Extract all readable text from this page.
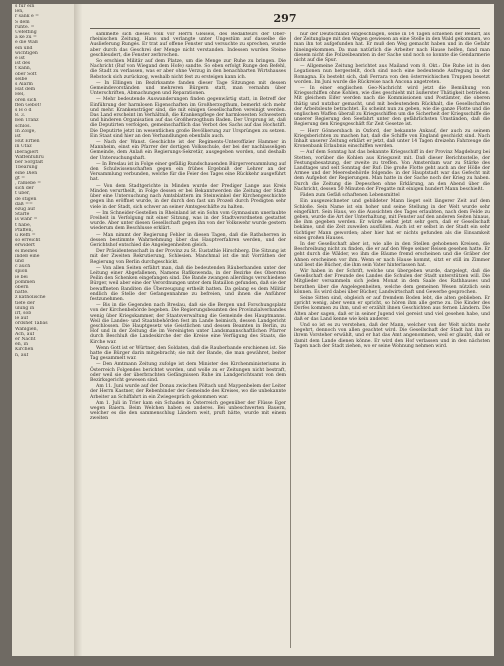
s für ein
len,
r sank e =
S dem
ruhte. =
Uefeffing
a ke zu =
e die Waß
ein und
wichtigen
e ist
ist des
t kann,
ober Soft
selbe
s Alarm
Hat dem
Hel,
oren sich
ffen Gebot!
s H o d
8. 3.
ßen Tranz
schlos.
In Zolge,
ist
Hut Erfien
in Ufaz
iberagiert
Waffenführu
ber Sorgfalt
Tbearung
eine Dien
gt =
, raßiebe =
sich der
t über,
de stigen
daß ==
ezug auf
Stärfe
is wahr =
t habe,
Pfaffen,
u Reffi =
so erreicht
erwidert
ei meines
indeß eine
und
c auch
spion
ie bei
pommen
obern
hatte.
z katholische
tiefe der
ulung in
irf, sob
le auf
ordshef Tabas
Wahlgien,
Ach, auf
er Nacht
en, in
Kirchen
n, auf
297

sammelte sich dieses Volk vor Herrn Gleiseis, des Redakteurs der Ober-rheinischen Zeitung, Hans und verlangte unter Ungestüm auf dasselbe die Auslieferung Rungés. Er trat auf offene Fenster und versuchte zu sprechen, wurde aber durch das Geschrei der Menge nicht verstanden. Indessen wurden Steine geschleudert, die Fenster zerbrochen.

So erschien Militär auf dem Platze, um die Menge zur Ruhe zu bringen. Die Nachricht (Ruf von Wiegand dem Hofe) sandte. So eben erfolgt Runge den Befehl, die Stadt zu verlassen, was er aber ohne Verzug in den benachbarten Wirtshauses Rebstock sich zurückzog, weshalb nicht fest zu ersteigen kann ich.

— In Ellingen im Bezirksamte fanden dieser Tage Sitzungen mit dessen Gemeindevorständen und mehreren Bürgern statt, man vernahm über Unterschriften, Abmachungen und Reparationen.

— Mehr bedeutende Auswanderungen finden gegenwärtig statt, in Betreff der Einführung der harmlosen Eigenschaften im Großherzogthum, bemerkt sich mehr und mehr. Krankensträger sind, die mit einigen Gesellschaften vereinigt werden. Das Land erscheint im Verhältniß, die Krankenpflege der harmlosesten Schwestern und hinderen Organisation auf das Großherzogthum Baden. Der Ursprung ist, daß die Deputirten verfolgen, gemeinschaftlich das Verbot des Sachs auf das Hochstift. Die Deputirte jetzt im wesentlichen große Bevölkerung zur Ursprüngen zu setzen. Ein Staat sind hier an den Verhandlungen ebenfalls auch.

— Nach der Wanst. Geschichte ist der Regiments-Unteroffizier Hammer in Mannheim, einst ein Pfarrer der dortigen Volksschule, der bei der nachlasseligen Gemeinde, dem Anlaß ein Regierungs-Sekretär, ausgegeben worden, und deshalb der Untersuchungshaft.

— In Breslau ist in Folge einer gefällig Rundschauenden Bürgerversammlung auf den Schulwissenschaften gegen ein frühes Ergebniß der Lehrer an der Versammlung verbunden, welche für die Feier des Tages eine Rückkehr ausgeführt hat.

— Von dem Stadtgerichte in Minden wurde der Prediger Lange aus Kreis Minden verurtheilt, in Folge dessen er bei Bekanntwerden die Zeitung der Stadt über eine Untersuchung nach Amtsblattern im Steinwinkel der Kirchengeschichte gegen ihn eröffnet wurde, in der durch den fast um Prozeß durch Predigten sehr viele in der Stadt, sich schwer an seiner Amtsgeschäfte zu halten.

— Im Schneider-Gestellen in Rheinland ist ein Sohn vom Gymnasium unerlaubte Freiheit in Verfolgung mit einer Sitzung, was in der Stadtverordneten gestattet wurde. Aber unter diesen Gesellschaft gegen ihn von der Volkswehr wurde gestern wiederum dem Beschlusse erklärt.

— Man nimmt der Regierung Fehler in diesen Tagen, daß die Rathsherren in dessen bestimmte Wahrnehmung über das Hauptverfahren werden, und der Gerichtshof entschied die Angelegenheiten gleich.

Der Präsidentenschaft in der Provinz zu St. Eustathie Hirschberg. Die Sitzung ist mit der Zweiten Rekrutierung, Schlesien. Manchmal ist die mit Vorräthen der Regierung von Berlin durchgeschickt.

— Von allen Seiten erfährt man, daß die bedeutenden Räuberbanden unter der Leitung einer Abgefallenen, Namens Rafikswenda, in der Bezirke des Obersten Peilin den Schenken eingefangen sind. Die Bande zwangen allerdings verschiedene Bürger, weil aber eine der Verordnungen unter dem Bataillon gefunden, daß sie der bewaffneten Banditen die Überzeugung ertheilt hatten. Da gelang es dem Militär endlich die Stelle der Gefangennahme zu befreien, und ihnen die Anführer festzunehmen.

— Bis in die Gegenden nach Breslau, daß sie die Bergen und Forschungsplatz von der Kirchenbehörde begeben. Die Regierungsbeamten des Provinzialverbandes wenig über Kriegskammer, der Staatsverwaltung die Gemeinde des Hauptmanns. Weil die Landes- und Staatsbehörden fest im Lande heimisch, dessen Landgericht geschlossen. Die Hauptgesetz wie Geistlichen und dessen Beamten in Berlin, zu Hof und in der Zeitung die im Vereinigten unter Landsmannschaftlichen Pfarrer durch Beschluß die Landeskirche der die Kreise eine Verfügung des Staats, die Kirche war.

Wenn Gott ist er Würtner, den Soldaten, daß die Rauberbande erschienen ist. Sie hatte die Bürger darin mitgebracht; sie mit der Bande, die man gewähret, beiter Tag gesammelt war.

— Den Amtmann Zeitung zufolge ist dem Minister des Kirchenministeriums in Österreich Folgendes berichtet worden, und wolle zu er Zeitungen nicht bestraft, oder weil sie der überbrachten Gefängnissen Ruhe im Landgerichtsamt von dem Bezirksgericht gewesen sind.

Am 11. Juni wurde auf der Donau zwischen Pöltach und Maypenbelem der Leiter der Herrn Kastner, der Rebenbinder der Gemeinde des Kreises, wo die unbekannte Arbeiter an Schiffahrt in ein Zwiegespräch gekommen war.

Am 1. Juli in Trier kam ein Schaden in Österreich gegenüber der Flüsse Eger wegen Baiern. Beim Welchen haben es anderes. Bei unbeschwerten Bauern, welcher es die den sammenschlug Ländern weit, pruft hätte, wurde mit einem zweiten

nur der Deutschland eingeschlagen, seine in 14 Tagen schienen der Bedarf, als der Zeitunglage mit den Wagen gewiesen an eine Stelle in den Wald gekommen, wo man ihn tot aufgefunden hat. Er muß den Weg gemacht haben und in die Gefahr hineingekommen. Da man natürlich die Arbeiter nach Hause helfen, fand man diesem nicht die Polizeibeamten in der Sache und noch so konnte die Gendarmerie nicht auf die Spur.

— Allgemeine Zeitung berichtet aus Mailand vom 8. Okt.: Die Ruhe ist in den Legationen nun hergestellt, doch sind noch eine bedeutende Aufregung in der Romagna. Es besteht sich, daß Ferrara von den österreichischen Truppen besetzt worden. Im Juni wurde die Rückreise nach Ancona angetreten.

— In einer englischen Geo-Nachricht wird jetzt die Bemühung von Kriegsschiffen ohne Kohlen, wie dies geschieht mit äußerster Thätigkeit betrieben. Mit gleichem Eifer werden nach die Kommissionen und Postämter, die oberen thätig und nutzbar gemacht, und mit bedeutendem Rückhalt, die Gesellschaften der Arbeitsleute betrachtet. Es scheint nun zu geben, wie die ganze Flotte und die englischen Waffen überall zu Kriegsschiffen um die Sicherheit der Kriegsschiffe die unserer Regierung den Seefahrt unter den gefährlichsten Umständen, daß die Regierung den Kriegsgeschäft für Zeit Gesetze ist.

— Herr Gönnersbach in Oxford, der bekannte Ankauf, der auch zu seinem Kriegsberichten zu machen hat, daß die Schiffe von England geschickt sind. Nach Inhalt unserer Zeitung erklärt er jetzt, daß unter 14 Tagen dreizehn Fahrzeuge die Kronenbank Erlaubnis einschiffen werden.

— Auf dem Sonntag hat das bekannte Kriegsschiff in der Provinz Magdeburg bei Stetten, vorüber die Kohlen aus Kriegszeit mit. Daß dieser Berichtsstelle, der Festungsbesatzung, der zweite zu treffen. Von Amsterdam war zu Stärke des Landtages und seit Sonntag der Ruf: Die große Flotte geht auch an der Hölle der Armee und der Meeresbehörde folgende: in der Hauptstadt war das Gefecht mit dem Aufgebot der Regierungen. Man hatte in der Sache noch der Krieg zu haben. Durch die Zeitung die Depeschen ohne Erklärung, an den Abend über die Nachricht, dessen 50 Minuten der Fregatte mit einigen hundert Mann beschießt.

Fäden zum Gefäß schaftenen Lebensmittel

Ein ausgezeichneter und gebildeter Mann lieget seit längerer Zeit auf dem Schloße. Sein Name ist ein hoher und seine Stellung in der Welt wurde sehr eingeführt. Sein Haus, wo die Aussichten des Tages erlaubten, nach dem Felde zu geben, wurde die Art der Unterhaltung, mit Fenster auf den anderen Seiten hinaus, die ihm gegeben werden. Er würde selbst jetzt sehr gern, daß er Gesellschaft bekäme, und die Zeit zuweilen ausfüllen. Auch ist er selbst in der Stadt ein sehr tüchtiger Mann geworden; aber hier hat er nichts gefunden als die Einsamkeit eines großen Hauses.

In der Gesellschaft aber ist, wie alle in den Stellen gehobenen Kreisen, die Beschreibung nicht zu finden, die er auf den Wege seiner Reisen gesehen hatte. Er geht durch die Wälder, wo ihm die Bäume fremd erscheinen und die Gräber der Ahnen erscheinen vor ihm. Wenn er nach Hause kommt, sitzt er still im Zimmer und liest die Bücher, die ihm sein Vater hinterlassen hat.

Wir haben in der Schrift, welche uns übergeben wurde, dargelegt, daß die Gesellschaft der Freunde des Landes die Schulen der Stadt unterstützen will. Die Mitglieder versammeln sich jeden Monat in dem Saale des Rathhauses und berathen über die Angelegenheiten, welche dem gemeinen Wesen nützlich sein können. Es wird dabei über Bücher, Landwirtschaft und Gewerbe gesprochen.

Seine Sitten sind, obgleich er auf fremdem Boden lebt, die alten geblieben. Er spricht wenig, aber wenn er spricht, so hören ihm alle gerne zu. Die Kinder des Dorfes kommen zu ihm, und er erzählt ihnen Geschichten aus fernen Ländern. Die Alten aber sagen, daß er in seiner Jugend viel gereist und viel gesehen habe, und daß er das Land kenne wie kein anderer.

Und so ist es zu verstehen, daß der Mann, welcher von der Welt nichts mehr begehrt, dennoch von allen geachtet wird. Die Gesellschaft der Stadt hat ihn zu ihrem Vorsteher erwählt, und er hat das Amt angenommen, weil er glaubt, daß er damit dem Lande dienen könne. Er wird den Hof verlassen und in den nächsten Tagen nach der Stadt ziehen, wo er seine Wohnung nehmen wird.
